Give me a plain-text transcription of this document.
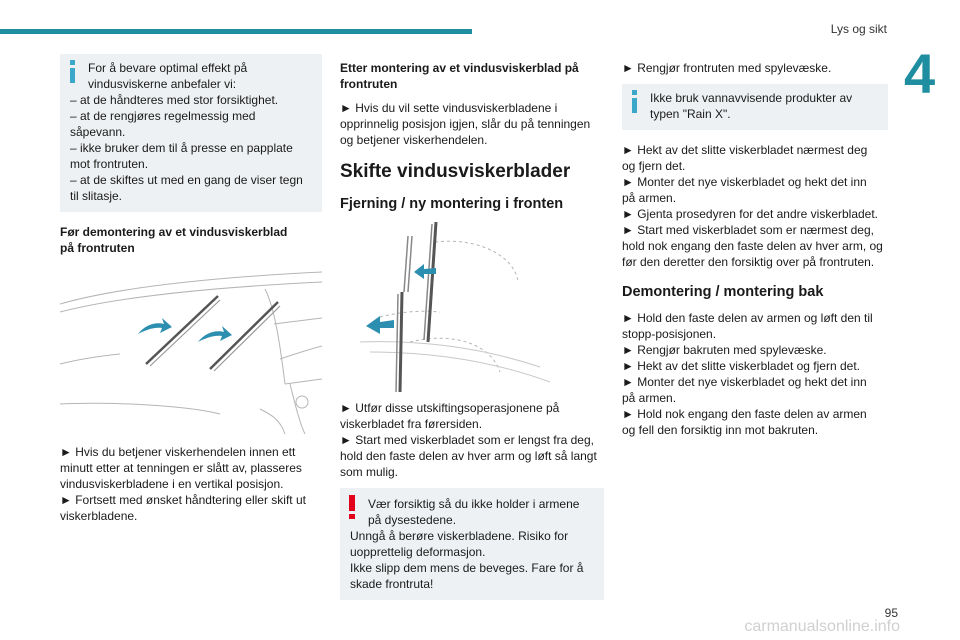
Lys og sikt
4
For å bevare optimal effekt på
vindusviskerne anbefaler vi:
– at de håndteres med stor forsiktighet.
– at de rengjøres regelmessig med
såpevann.
– ikke bruker dem til å presse en papplate
mot frontruten.
– at de skiftes ut med en gang de viser tegn
til slitasje.
Før demontering av et vindusviskerblad
på frontruten
► Hvis du betjener viskerhendelen innen ett
minutt etter at tenningen er slått av, plasseres
vindusviskerbladene i en vertikal posisjon.
► Fortsett med ønsket håndtering eller skift ut
viskerbladene.
Etter montering av et vindusviskerblad på
frontruten
► Hvis du vil sette vindusviskerbladene i
opprinnelig posisjon igjen, slår du på tenningen
og betjener viskerhendelen.
Skifte vindusviskerblader
Fjerning / ny montering i fronten
► Utfør disse utskiftingsoperasjonene på
viskerbladet fra førersiden.
► Start med viskerbladet som er lengst fra deg,
hold den faste delen av hver arm og løft så langt
som mulig.
Vær forsiktig så du ikke holder i armene
på dysestedene.
Unngå å berøre viskerbladene. Risiko for
uopprettelig deformasjon.
Ikke slipp dem mens de beveges. Fare for å
skade frontruta!
► Rengjør frontruten med spylevæske.
Ikke bruk vannavvisende produkter av
typen "Rain X".
► Hekt av det slitte viskerbladet nærmest deg
og fjern det.
► Monter det nye viskerbladet og hekt det inn
på armen.
► Gjenta prosedyren for det andre viskerbladet.
► Start med viskerbladet som er nærmest deg,
hold nok engang den faste delen av hver arm, og
før den deretter den forsiktig over på frontruten.
Demontering / montering bak
► Hold den faste delen av armen og løft den til
stopp-posisjonen.
► Rengjør bakruten med spylevæske.
► Hekt av det slitte viskerbladet og fjern det.
► Monter det nye viskerbladet og hekt det inn
på armen.
► Hold nok engang den faste delen av armen
og fell den forsiktig inn mot bakruten.
95
carmanualsonline.info
